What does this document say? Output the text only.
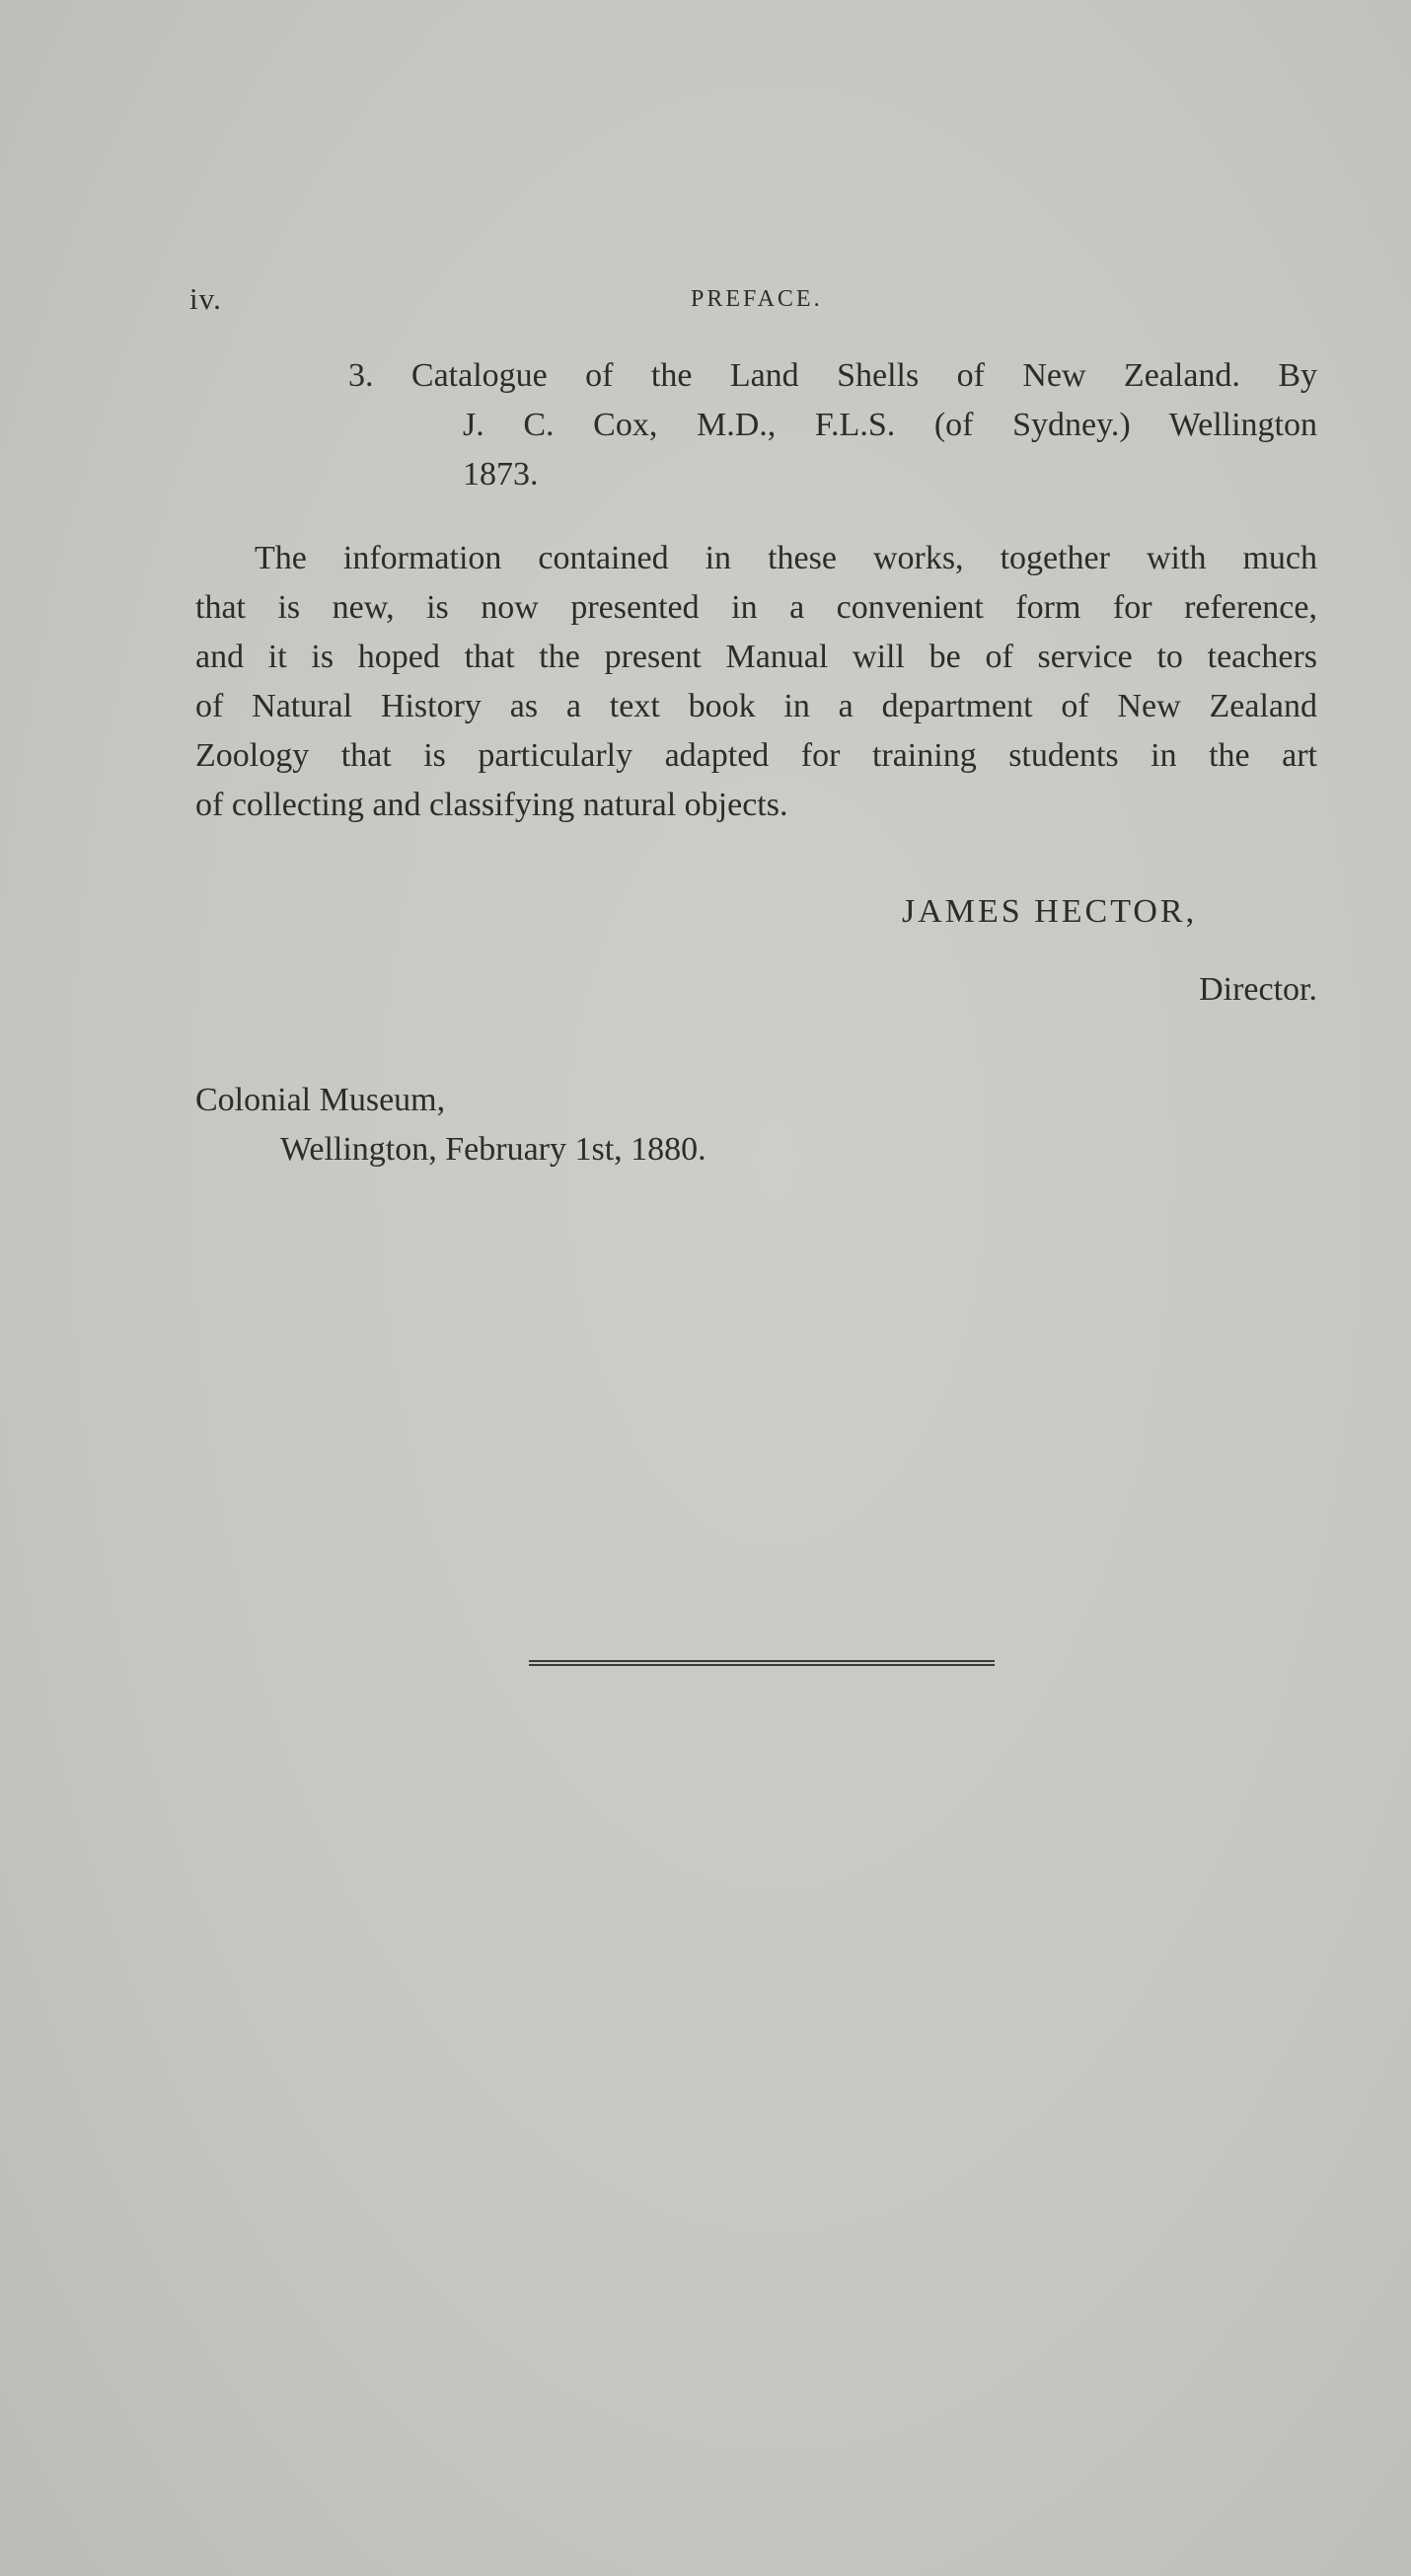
iv.	PREFACE.
3. Catalogue of the Land Shells of New Zealand. By
J. C. Cox, M.D., F.L.S. (of Sydney.) Wellington
1873.
The information contained in these works, together with much
that is new, is now presented in a convenient form for reference,
and it is hoped that the present Manual will be of service to teachers
of Natural History as a text book in a department of New Zealand
Zoology that is particularly adapted for training students in the art
of collecting and classifying natural objects.
JAMES HECTOR,
Director.
Colonial Museum,

Wellington, February 1st, 1880.
